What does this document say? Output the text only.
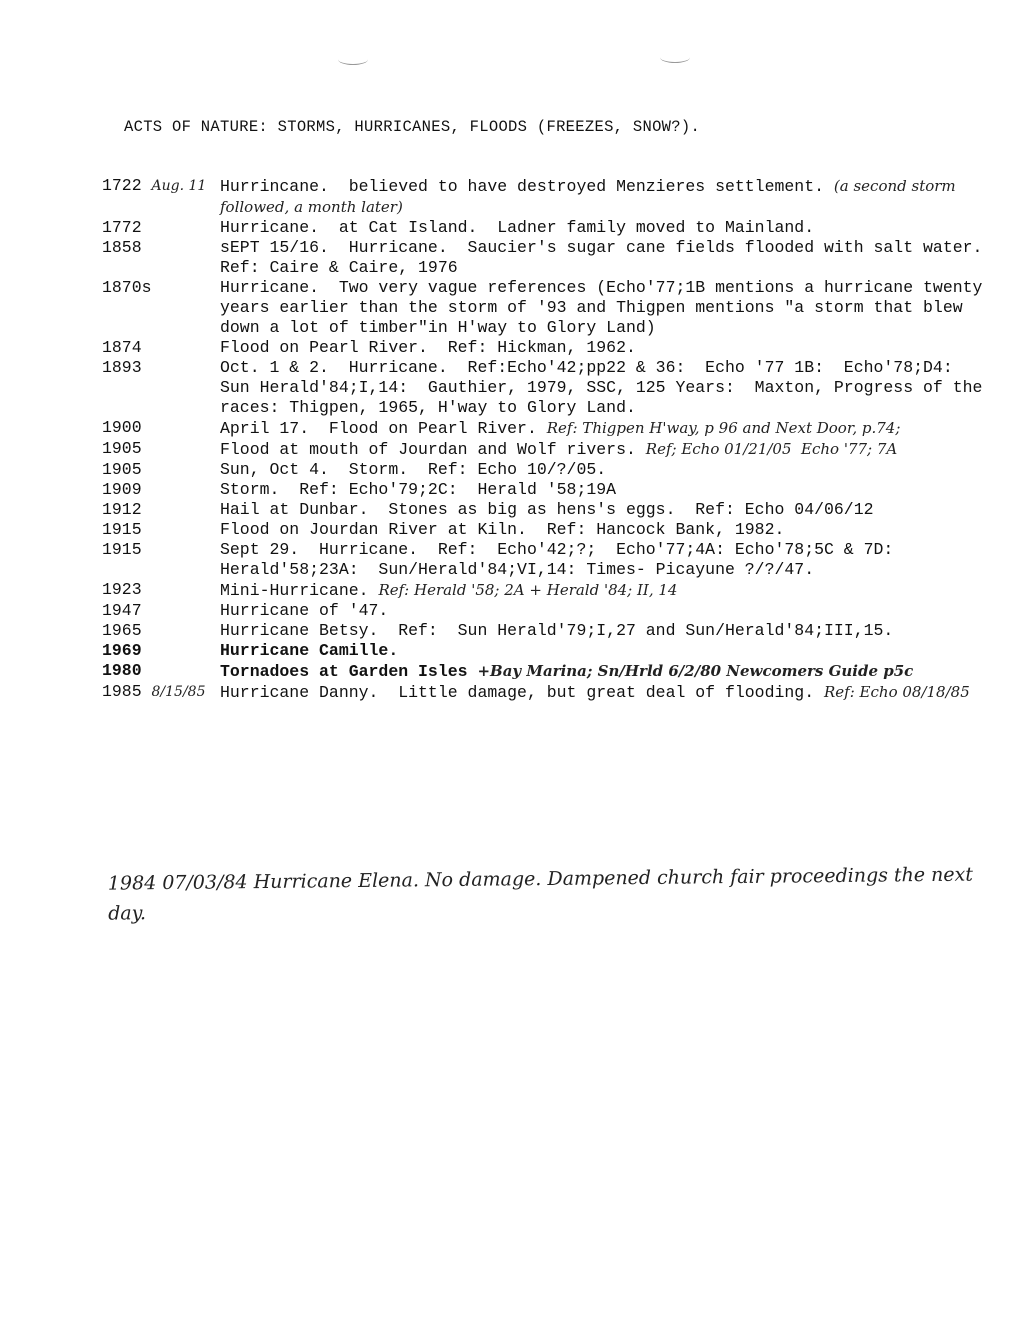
ACTS OF NATURE: STORMS, HURRICANES, FLOODS (FREEZES, SNOW?).
1722 Aug. 11 Hurrincane.  believed to have destroyed Menzieres settlement. (a second storm followed, a month later)
1772	Hurricane.  at Cat Island.  Ladner family moved to Mainland.
1858	sEPT 15/16.  Hurricane.  Saucier's sugar cane fields flooded with salt water.  Ref: Caire & Caire, 1976
1870s	Hurricane.  Two very vague references (Echo'77;1B mentions a hurricane twenty years earlier than the storm of '93 and Thigpen mentions "a storm that blew down a lot of timber"in H'way to Glory Land)
1874	Flood on Pearl River.  Ref: Hickman, 1962.
1893	Oct. 1 & 2.  Hurricane.  Ref:Echo'42;pp22 & 36:  Echo '77 1B:  Echo'78;D4:  Sun Herald'84;I,14:  Gauthier, 1979, SSC, 125 Years:  Maxton, Progress of the races: Thigpen, 1965, H'way to Glory Land.
1900	April 17.  Flood on Pearl River. Ref: Thigpen H'way, p 96 and Next Door, p.74;
1905	Flood at mouth of Jourdan and Wolf rivers. Ref; Echo 01/21/05  Echo '77; 7A
1905	Sun, Oct 4.  Storm.  Ref: Echo 10/?/05.
1909	Storm.  Ref: Echo'79;2C:  Herald '58;19A
1912	Hail at Dunbar.  Stones as big as hens's eggs.  Ref: Echo 04/06/12
1915	Flood on Jourdan River at Kiln.  Ref: Hancock Bank, 1982.
1915	Sept 29.  Hurricane.  Ref:  Echo'42;?;  Echo'77;4A: Echo'78;5C & 7D:  Herald'58;23A:  Sun/Herald'84;VI,14: Times- Picayune ?/?/47.
1923	Mini-Hurricane. Ref: Herald '58; 2A + Herald '84; II, 14
1947	Hurricane of '47.
1965	Hurricane Betsy.  Ref:  Sun Herald'79;I,27 and Sun/Herald'84;III,15.
1969	Hurricane Camille.
1980	Tornadoes at Garden Isles +Bay Marina; Sn/Hrld 6/2/80 Newcomers Guide p5c
1985 8/15/85 Hurricane Danny.  Little damage, but great deal of flooding. Ref: Echo 08/18/85
1984 07/03/84 Hurricane Elena. No damage. Dampened church fair proceedings the next day.
